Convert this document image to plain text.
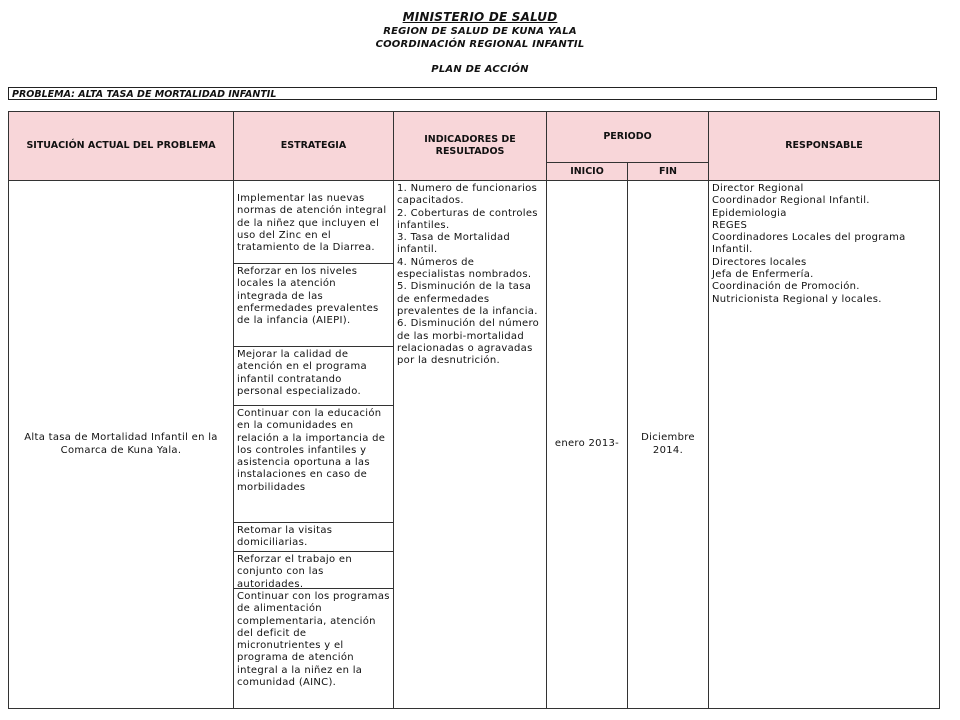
MINISTERIO DE SALUD
REGION DE SALUD DE KUNA YALA
COORDINACIÓN REGIONAL INFANTIL
PLAN DE ACCIÓN
PROBLEMA: ALTA TASA DE MORTALIDAD INFANTIL
SITUACIÓN ACTUAL DEL PROBLEMA	ESTRATEGIA
INDICADORES DE RESULTADOS
PERIODO
INICIO	FIN
RESPONSABLE
Alta tasa de Mortalidad Infantil en la Comarca de Kuna Yala.
Implementar las nuevas normas de atención integral de la niñez que incluyen el uso del Zinc en el tratamiento de la Diarrea.
Reforzar en los niveles locales la atención integrada de las enfermedades prevalentes de la infancia (AIEPI).
Mejorar la calidad de atención en el programa infantil contratando personal especializado.
Continuar con la educación en la comunidades en relación a la importancia de los controles infantiles y asistencia oportuna a las instalaciones en caso de morbilidades
Retomar la visitas domiciliarias.
Reforzar el trabajo en conjunto con las autoridades.
Continuar con los programas de alimentación complementaria, atención del deficit de micronutrientes y el programa de atención integral a la niñez en la comunidad (AINC).
1. Numero de funcionarios capacitados.
2. Coberturas de controles infantiles.
3. Tasa de Mortalidad infantil.
4. Números de especialistas nombrados.
5. Disminución de la tasa de enfermedades prevalentes de la infancia.
6. Disminución del número de las morbi-mortalidad relacionadas o agravadas por la desnutrición.
enero 2013-
Diciembre 2014.
Director Regional
Coordinador Regional Infantil.
Epidemiologia
REGES
Coordinadores Locales del programa Infantil.
Directores locales
Jefa de Enfermería.
Coordinación de Promoción.
Nutricionista Regional y locales.
